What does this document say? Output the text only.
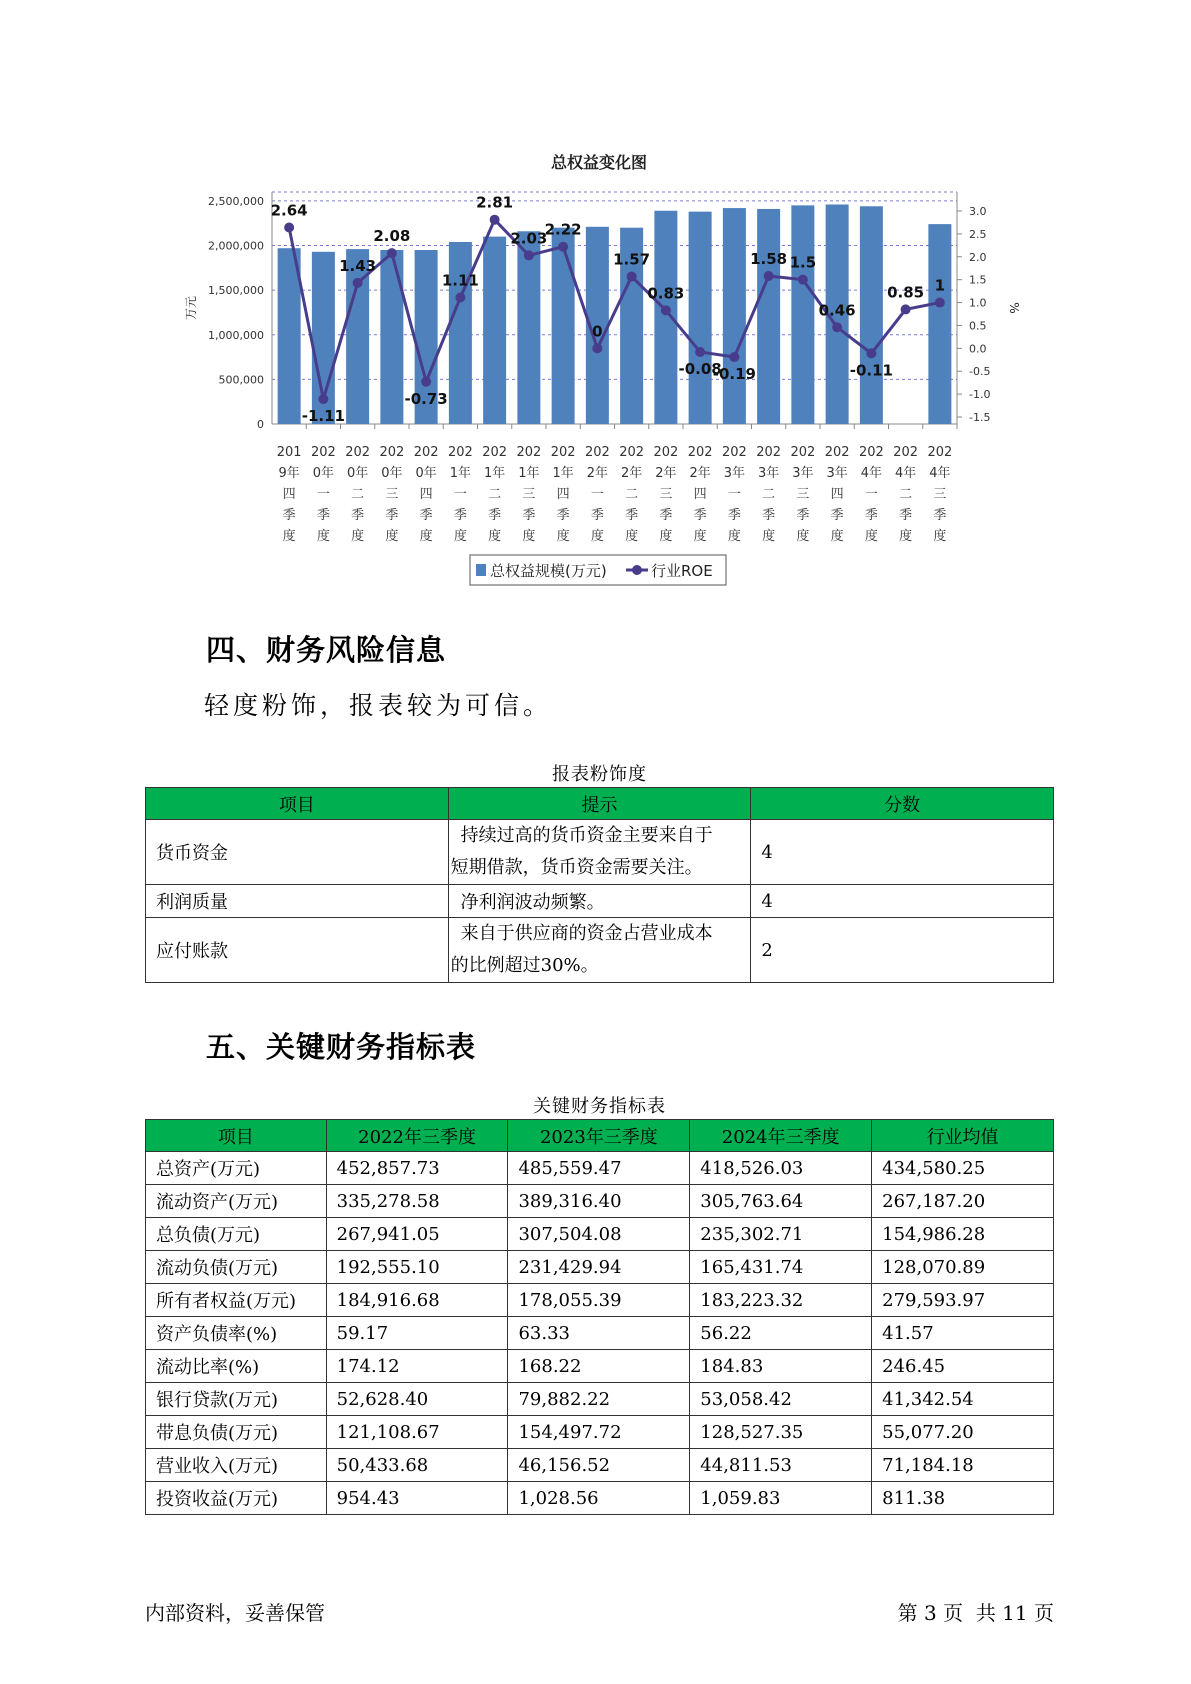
总权益变化图
0
500,000
1,000,000
1,500,000
2,000,000
2,500,000
万元
3.0
2.5
2.0
1.5
1.0
0.5
0.0
-0.5
-1.0
-1.5
%
201
9年
四
季
度
202
0年
一
季
度
202
0年
二
季
度
202
0年
三
季
度
202
0年
四
季
度
202
1年
一
季
度
202
1年
二
季
度
202
1年
三
季
度
202
1年
四
季
度
202
2年
一
季
度
202
2年
二
季
度
202
2年
三
季
度
202
2年
四
季
度
202
3年
一
季
度
202
3年
二
季
度
202
3年
三
季
度
202
3年
四
季
度
202
4年
一
季
度
202
4年
二
季
度
202
4年
三
季
度
2.64
-1.11
1.43
2.08
-0.73
1.11
2.81
2.03
2.22
0
1.57
0.83
-0.08
-0.19
1.58 1.5
0.46
-0.11
0.85 1
总权益规模(万元)	行业ROE
四、财务风险信息
轻度粉饰，报表较为可信。
报表粉饰度
项目	提示	分数
货币资金	持续过高的货币资金主要来自于
短期借款，货币资金需要关注。	4
利润质量	净利润波动频繁。	4
应付账款	来自于供应商的资金占营业成本
的比例超过30%。	2
五、关键财务指标表
关键财务指标表
项目	2022年三季度	2023年三季度	2024年三季度	行业均值
总资产(万元)	452,857.73	485,559.47	418,526.03	434,580.25
流动资产(万元)	335,278.58	389,316.40	305,763.64	267,187.20
总负债(万元)	267,941.05	307,504.08	235,302.71	154,986.28
流动负债(万元)	192,555.10	231,429.94	165,431.74	128,070.89
所有者权益(万元)	184,916.68	178,055.39	183,223.32	279,593.97
资产负债率(%)	59.17	63.33	56.22	41.57
流动比率(%)	174.12	168.22	184.83	246.45
银行贷款(万元)	52,628.40	79,882.22	53,058.42	41,342.54
带息负债(万元)	121,108.67	154,497.72	128,527.35	55,077.20
营业收入(万元)	50,433.68	46,156.52	44,811.53	71,184.18
投资收益(万元)	954.43	1,028.56	1,059.83	811.38
内部资料，妥善保管	第 3 页  共 11 页
